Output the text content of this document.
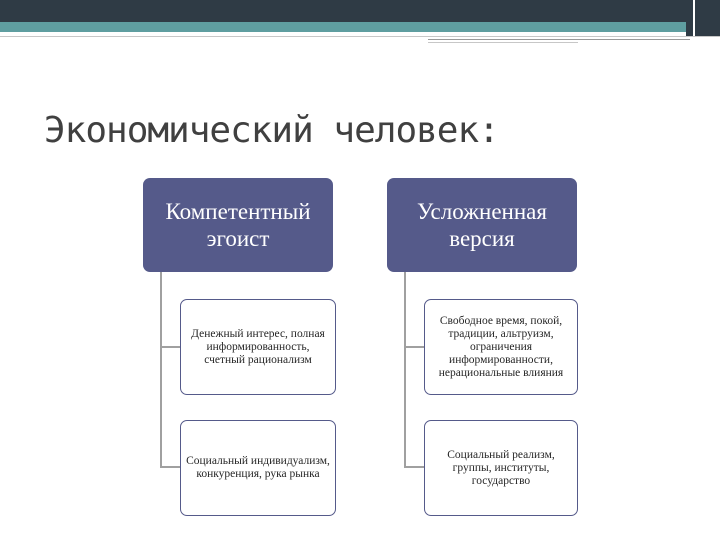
Экономический человек:
Компетентный эгоист
Усложненная версия
Денежный интерес, полная информированность, счетный рационализм
Социальный индивидуализм, конкуренция, рука рынка
Свободное время, покой, традиции, альтруизм, ограничения информированности, нерациональные влияния
Социальный реализм, группы, институты, государство
